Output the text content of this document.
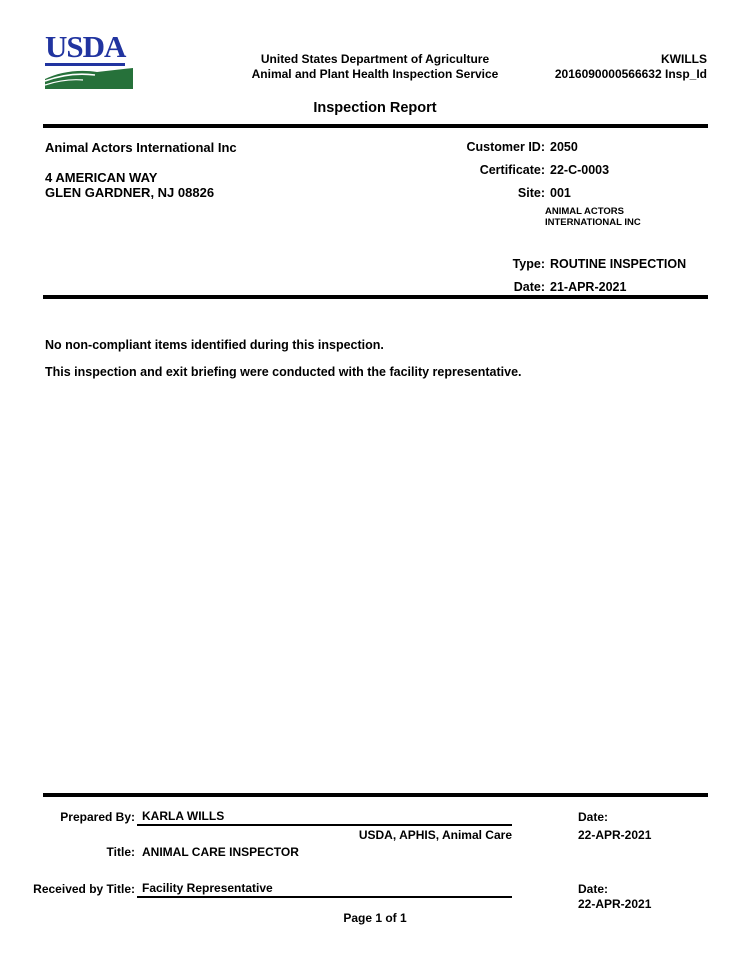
USDA	United States Department of Agriculture
Animal and Plant Health Inspection Service
KWILLS
2016090000566632 Insp_Id
Inspection Report
Animal Actors International Inc
4 AMERICAN WAY
GLEN GARDNER, NJ 08826
Customer ID: 2050
Certificate: 22-C-0003
Site: 001
ANIMAL ACTORS
INTERNATIONAL INC
Type: ROUTINE INSPECTION
Date: 21-APR-2021
No non-compliant items identified during this inspection.
This inspection and exit briefing were conducted with the facility representative.
Prepared By: KARLA WILLS	Date:
USDA, APHIS, Animal Care	22-APR-2021
Title: ANIMAL CARE INSPECTOR
Received by Title: Facility Representative	Date:
22-APR-2021
Page 1 of 1
